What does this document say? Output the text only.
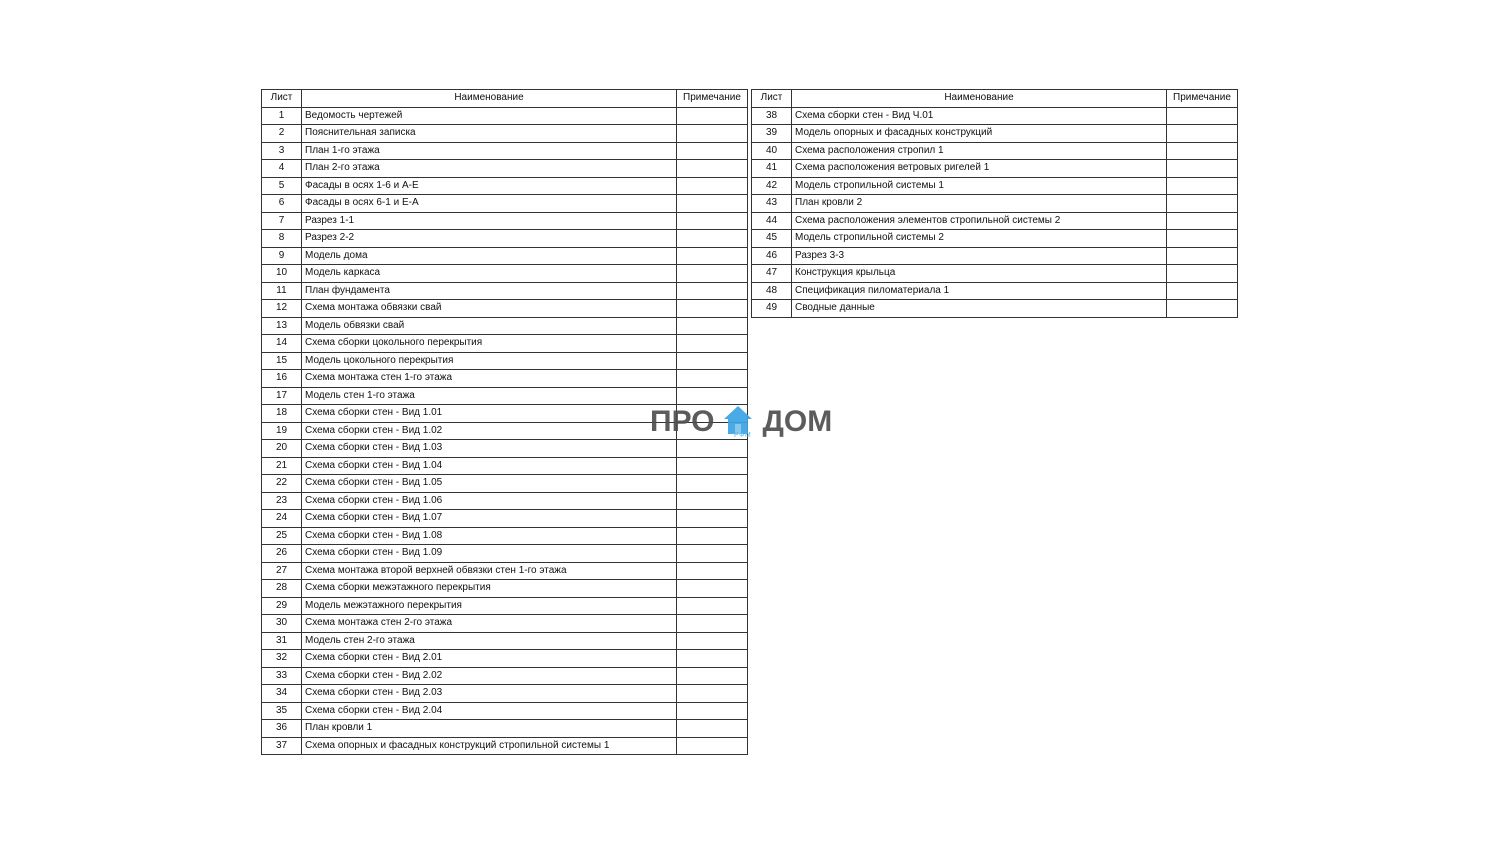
Лист	Наименование	Примечание
1	Ведомость чертежей	
2	Пояснительная записка	
3	План 1-го этажа	
4	План 2-го этажа	
5	Фасады в осях 1-6 и А-Е	
6	Фасады в осях 6-1 и Е-А	
7	Разрез 1-1	
8	Разрез 2-2	
9	Модель дома	
10	Модель каркаса	
11	План фундамента	
12	Схема монтажа обвязки свай	
13	Модель обвязки свай	
14	Схема сборки цокольного перекрытия	
15	Модель цокольного перекрытия	
16	Схема монтажа стен 1-го этажа	
17	Модель стен 1-го этажа	
18	Схема сборки стен - Вид 1.01	
19	Схема сборки стен - Вид 1.02	
20	Схема сборки стен - Вид 1.03	
21	Схема сборки стен - Вид 1.04	
22	Схема сборки стен - Вид 1.05	
23	Схема сборки стен - Вид 1.06	
24	Схема сборки стен - Вид 1.07	
25	Схема сборки стен - Вид 1.08	
26	Схема сборки стен - Вид 1.09	
27	Схема монтажа второй верхней обвязки стен 1-го этажа	
28	Схема сборки межэтажного перекрытия	
29	Модель межэтажного перекрытия	
30	Схема монтажа стен 2-го этажа	
31	Модель стен 2-го этажа	
32	Схема сборки стен - Вид 2.01	
33	Схема сборки стен - Вид 2.02	
34	Схема сборки стен - Вид 2.03	
35	Схема сборки стен - Вид 2.04	
36	План кровли 1	
37	Схема опорных и фасадных конструкций стропильной системы 1	
Лист	Наименование	Примечание
38	Схема сборки стен - Вид Ч.01	
39	Модель опорных и фасадных конструкций	
40	Схема расположения стропил 1	
41	Схема расположения ветровых ригелей 1	
42	Модель стропильной системы 1	
43	План кровли 2	
44	Схема расположения элементов стропильной системы 2	
45	Модель стропильной системы 2	
46	Разрез 3-3	
47	Конструкция крыльца	
48	Спецификация пиломатериала 1	
49	Сводные данные	
ПРО ДОМ
РФМ
